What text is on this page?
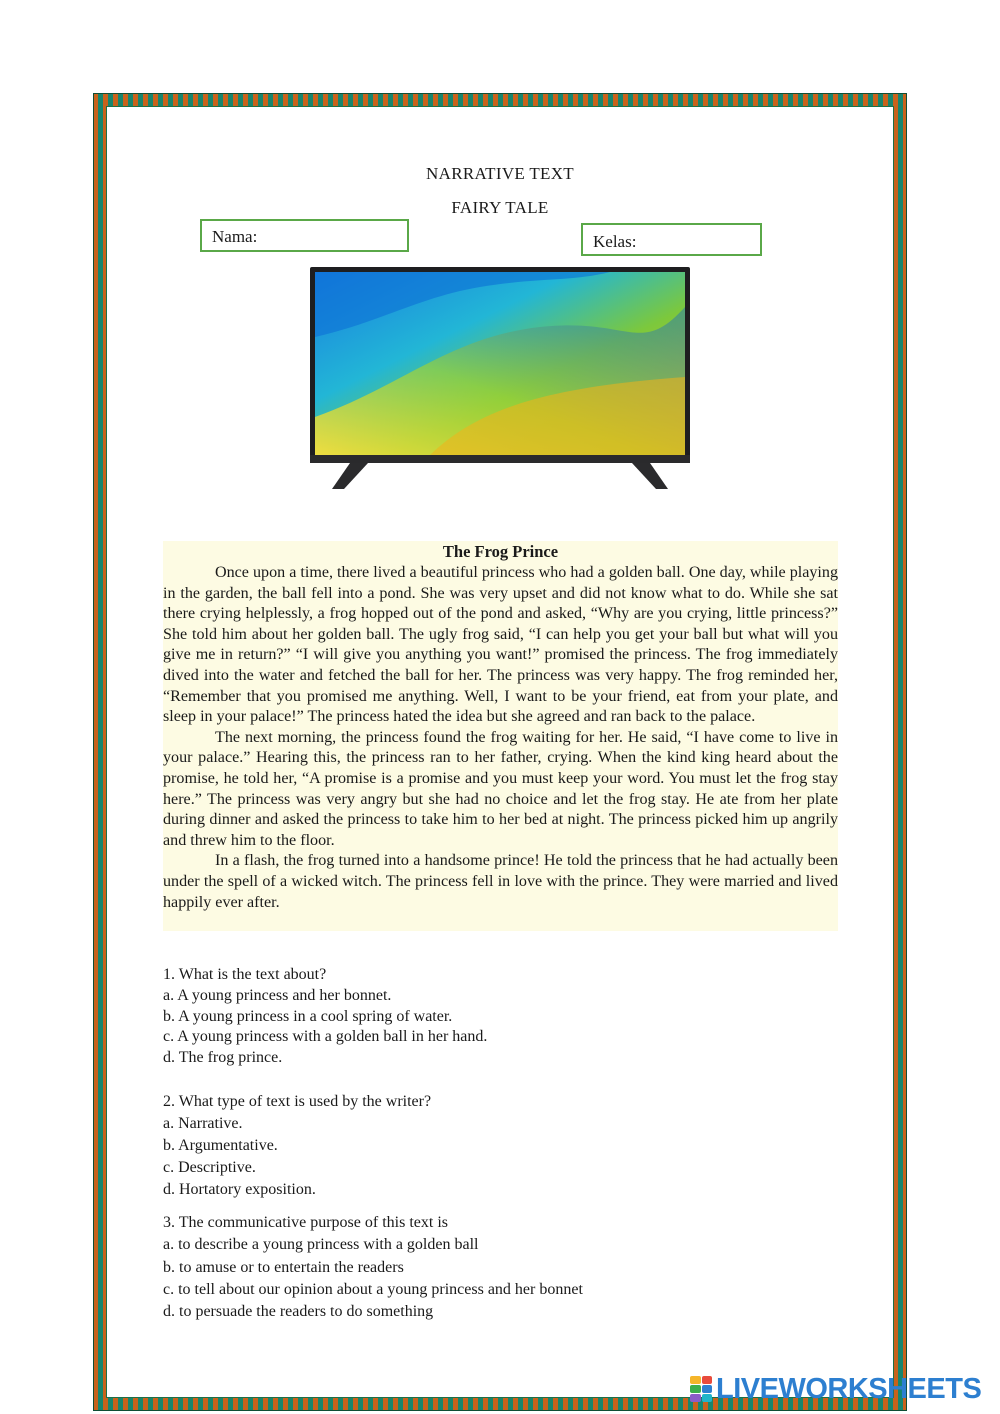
NARRATIVE TEXT
FAIRY TALE
Nama:	Kelas:
The Frog Prince

Once upon a time, there lived a beautiful princess who had a golden ball. One day, while playing in the garden, the ball fell into a pond. She was very upset and did not know what to do. While she sat there crying helplessly, a frog hopped out of the pond and asked, “Why are you crying, little princess?” She told him about her golden ball. The ugly frog said, “I can help you get your ball but what will you give me in return?” “I will give you anything you want!” promised the princess. The frog immediately dived into the water and fetched the ball for her. The princess was very happy. The frog reminded her, “Remember that you promised me anything. Well, I want to be your friend, eat from your plate, and sleep in your palace!” The princess hated the idea but she agreed and ran back to the palace.

The next morning, the princess found the frog waiting for her. He said, “I have come to live in your palace.” Hearing this, the princess ran to her father, crying. When the kind king heard about the promise, he told her, “A promise is a promise and you must keep your word. You must let the frog stay here.” The princess was very angry but she had no choice and let the frog stay. He ate from her plate during dinner and asked the princess to take him to her bed at night. The princess picked him up angrily and threw him to the floor.

In a flash, the frog turned into a handsome prince! He told the princess that he had actually been under the spell of a wicked witch. The princess fell in love with the prince. They were married and lived happily ever after.

1. What is the text about?
a. A young princess and her bonnet.
b. A young princess in a cool spring of water.
c. A young princess with a golden ball in her hand.
d. The frog prince.
2. What type of text is used by the writer?
a. Narrative.
b. Argumentative.
c. Descriptive.
d. Hortatory exposition.
3. The communicative purpose of this text is
a. to describe a young princess with a golden ball
b. to amuse or to entertain the readers
c. to tell about our opinion about a young princess and her bonnet
d. to persuade the readers to do something
LIVEWORKSHEETS
